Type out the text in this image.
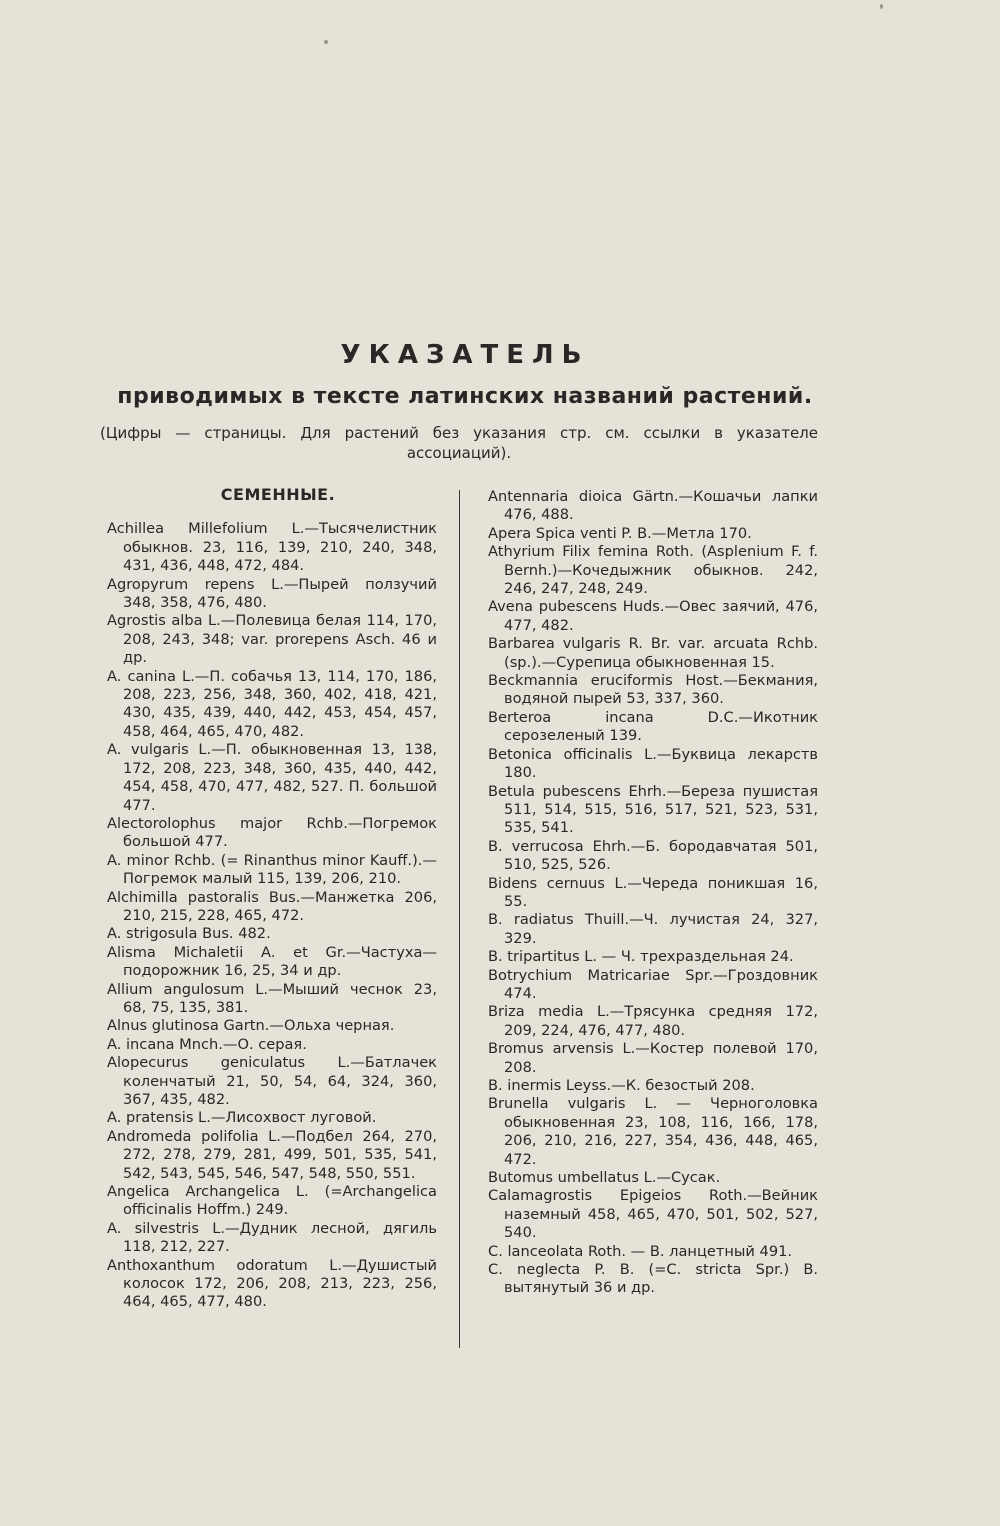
УКАЗАТЕЛЬ
приводимых в тексте латинских названий растений.
(Цифры — страницы. Для растений без указания стр. см. ссылки в указателе ассоциаций).
СЕМЕННЫЕ.

Achillea Millefolium L.—Тысячелистник обыкнов. 23, 116, 139, 210, 240, 348, 431, 436, 448, 472, 484.

Agropyrum repens L.—Пырей ползучий 348, 358, 476, 480.

Agrostis alba L.—Полевица белая 114, 170, 208, 243, 348; var. prorepens Asch. 46 и др.

A. canina L.—П. собачья 13, 114, 170, 186, 208, 223, 256, 348, 360, 402, 418, 421, 430, 435, 439, 440, 442, 453, 454, 457, 458, 464, 465, 470, 482.

A. vulgaris L.—П. обыкновенная 13, 138, 172, 208, 223, 348, 360, 435, 440, 442, 454, 458, 470, 477, 482, 527. П. большой 477.

Alectorolophus major Rchb.—Погремок большой 477.

A. minor Rchb. (= Rinanthus minor Kauff.).—Погремок малый 115, 139, 206, 210.

Alchimilla pastoralis Bus.—Манжетка 206, 210, 215, 228, 465, 472.

A. strigosula Bus. 482.

Alisma Michaletii A. et Gr.—Частуха—подорожник 16, 25, 34 и др.

Allium angulosum L.—Мыший чеснок 23, 68, 75, 135, 381.

Alnus glutinosa Gartn.—Ольха черная.

A. incana Mnch.—О. серая.

Alopecurus geniculatus L.—Батлачек коленчатый 21, 50, 54, 64, 324, 360, 367, 435, 482.

A. pratensis L.—Лисохвост луговой.

Andromeda polifolia L.—Подбел 264, 270, 272, 278, 279, 281, 499, 501, 535, 541, 542, 543, 545, 546, 547, 548, 550, 551.

Angelica Archangelica L. (=Archangelica officinalis Hoffm.) 249.

A. silvestris L.—Дудник лесной, дягиль 118, 212, 227.

Anthoxanthum odoratum L.—Душистый колосок 172, 206, 208, 213, 223, 256, 464, 465, 477, 480.

Antennaria dioica Gärtn.—Кошачьи лапки 476, 488.

Apera Spica venti P. B.—Метла 170.

Athyrium Filix femina Roth. (Asplenium F. f. Bernh.)—Кочедыжник обыкнов. 242, 246, 247, 248, 249.

Avena pubescens Huds.—Овес заячий, 476, 477, 482.

Barbarea vulgaris R. Br. var. arcuata Rchb. (sp.).—Сурепица обыкновенная 15.

Beckmannia eruciformis Host.—Бекмания, водяной пырей 53, 337, 360.

Berteroa incana D.C.—Икотник серозеленый 139.

Betonica officinalis L.—Буквица лекарств 180.

Betula pubescens Ehrh.—Береза пушистая 511, 514, 515, 516, 517, 521, 523, 531, 535, 541.

B. verrucosa Ehrh.—Б. бородавчатая 501, 510, 525, 526.

Bidens cernuus L.—Череда поникшая 16, 55.

B. radiatus Thuill.—Ч. лучистая 24, 327, 329.

B. tripartitus L. — Ч. трехраздельная 24.

Botrychium Matricariae Spr.—Гроздовник 474.

Briza media L.—Трясунка средняя 172, 209, 224, 476, 477, 480.

Bromus arvensis L.—Костер полевой 170, 208.

B. inermis Leyss.—К. безостый 208.

Brunella vulgaris L. — Черноголовка обыкновенная 23, 108, 116, 166, 178, 206, 210, 216, 227, 354, 436, 448, 465, 472.

Butomus umbellatus L.—Сусак.

Calamagrostis Epigeios Roth.—Вейник наземный 458, 465, 470, 501, 502, 527, 540.

C. lanceolata Roth. — В. ланцетный 491.

C. neglecta P. B. (=C. stricta Spr.) В. вытянутый 36 и др.
